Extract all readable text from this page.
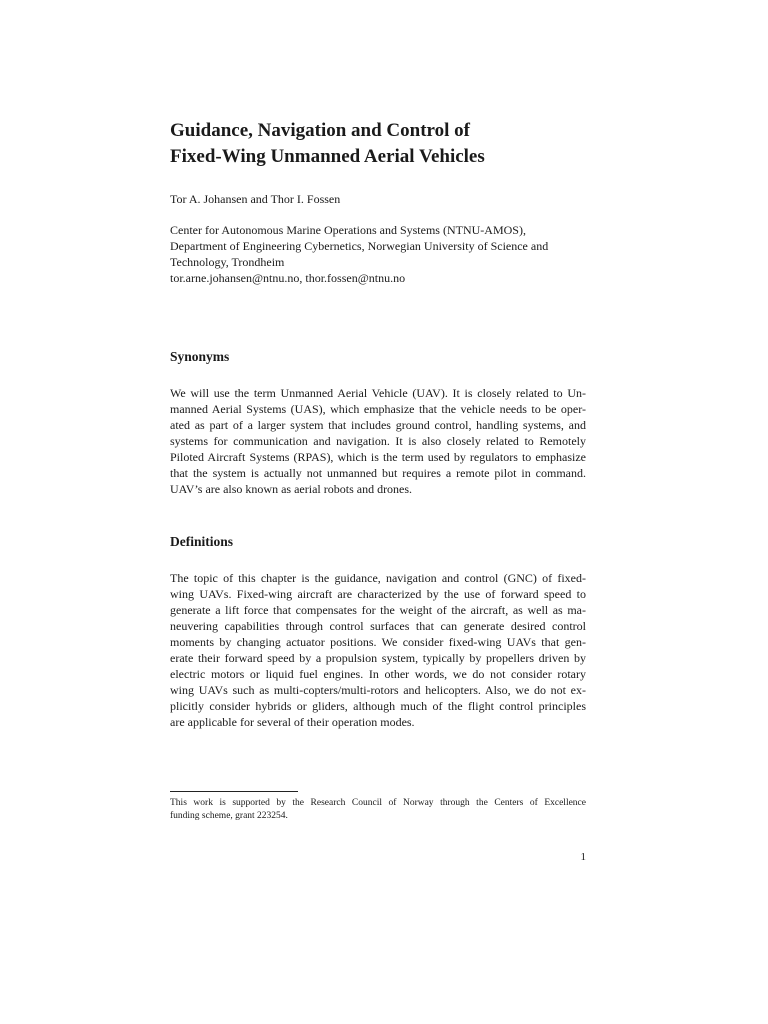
Guidance, Navigation and Control of
Fixed-Wing Unmanned Aerial Vehicles

Tor A. Johansen and Thor I. Fossen

Center for Autonomous Marine Operations and Systems (NTNU-AMOS),
Department of Engineering Cybernetics, Norwegian University of Science and
Technology, Trondheim
tor.arne.johansen@ntnu.no, thor.fossen@ntnu.no

Synonyms

We will use the term Unmanned Aerial Vehicle (UAV). It is closely related to Un-
manned Aerial Systems (UAS), which emphasize that the vehicle needs to be oper-
ated as part of a larger system that includes ground control, handling systems, and
systems for communication and navigation. It is also closely related to Remotely
Piloted Aircraft Systems (RPAS), which is the term used by regulators to emphasize
that the system is actually not unmanned but requires a remote pilot in command.
UAV’s are also known as aerial robots and drones.

Definitions

The topic of this chapter is the guidance, navigation and control (GNC) of fixed-
wing UAVs. Fixed-wing aircraft are characterized by the use of forward speed to
generate a lift force that compensates for the weight of the aircraft, as well as ma-
neuvering capabilities through control surfaces that can generate desired control
moments by changing actuator positions. We consider fixed-wing UAVs that gen-
erate their forward speed by a propulsion system, typically by propellers driven by
electric motors or liquid fuel engines. In other words, we do not consider rotary
wing UAVs such as multi-copters/multi-rotors and helicopters. Also, we do not ex-
plicitly consider hybrids or gliders, although much of the flight control principles
are applicable for several of their operation modes.

This work is supported by the Research Council of Norway through the Centers of Excellence
funding scheme, grant 223254.

1
